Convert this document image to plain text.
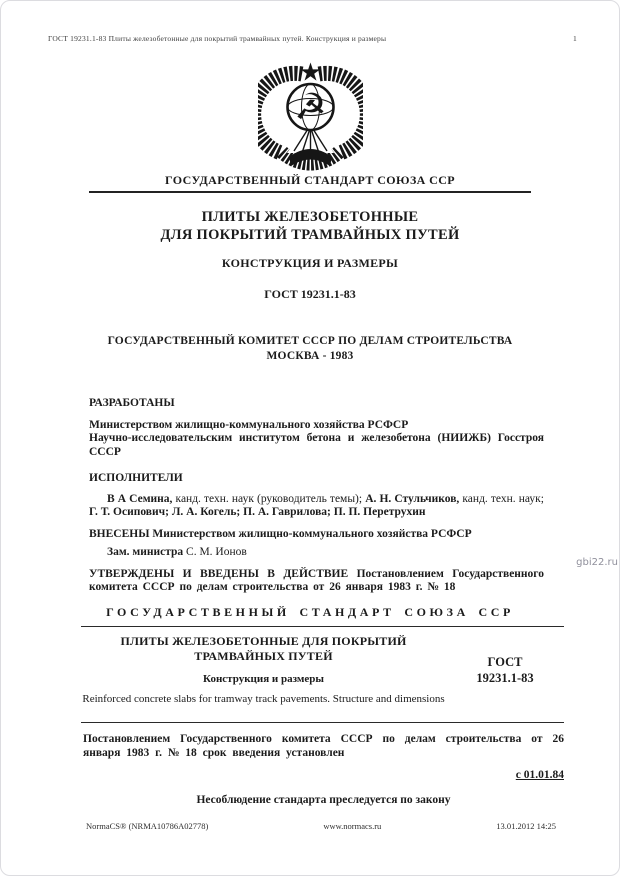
ГОСТ 19231.1-83 Плиты железобетонные для покрытий трамвайных путей. Конструкция и размеры	1
☭
ГОСУДАРСТВЕННЫЙ СТАНДАРТ СОЮЗА ССР
ПЛИТЫ ЖЕЛЕЗОБЕТОННЫЕ
ДЛЯ ПОКРЫТИЙ ТРАМВАЙНЫХ ПУТЕЙ
КОНСТРУКЦИЯ И РАЗМЕРЫ
ГОСТ 19231.1-83
ГОСУДАРСТВЕННЫЙ КОМИТЕТ СССР ПО ДЕЛАМ СТРОИТЕЛЬСТВА
МОСКВА - 1983
РАЗРАБОТАНЫ
Министерством жилищно-коммунального хозяйства РСФСР
Научно-исследовательским институтом бетона и железобетона (НИИЖБ) Госстроя СССР
ИСПОЛНИТЕЛИ
В А Семина, канд. техн. наук (руководитель темы); А. Н. Стульчиков, канд. техн. наук; Г. Т. Осипович; Л. А. Когель; П. А. Гаврилова; П. П. Перетрухин
ВНЕСЕНЫ Министерством жилищно-коммунального хозяйства РСФСР
Зам. министра С. М. Ионов
УТВЕРЖДЕНЫ И ВВЕДЕНЫ В ДЕЙСТВИЕ Постановлением Государственного комитета СССР по делам строительства от 26 января 1983 г. № 18
ГОСУДАРСТВЕННЫЙ СТАНДАРТ СОЮЗА ССР
ПЛИТЫ ЖЕЛЕЗОБЕТОННЫЕ ДЛЯ ПОКРЫТИЙ ТРАМВАЙНЫХ ПУТЕЙ
Конструкция и размеры
Reinforced concrete slabs for tramway track pavements. Structure and dimensions
ГОСТ
19231.1-83
Постановлением Государственного комитета СССР по делам строительства от 26 января 1983 г. № 18 срок введения установлен
с 01.01.84
Несоблюдение стандарта преследуется по закону
gbi22.ru
NormaCS® (NRMA10786A02778)	www.normacs.ru	13.01.2012 14:25
